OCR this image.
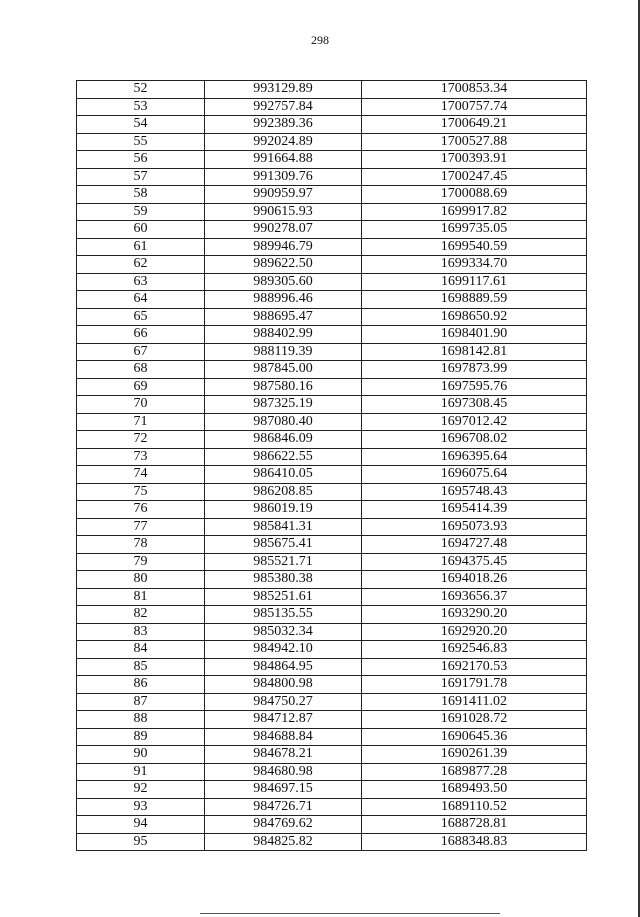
298
52	993129.89	1700853.34
53	992757.84	1700757.74
54	992389.36	1700649.21
55	992024.89	1700527.88
56	991664.88	1700393.91
57	991309.76	1700247.45
58	990959.97	1700088.69
59	990615.93	1699917.82
60	990278.07	1699735.05
61	989946.79	1699540.59
62	989622.50	1699334.70
63	989305.60	1699117.61
64	988996.46	1698889.59
65	988695.47	1698650.92
66	988402.99	1698401.90
67	988119.39	1698142.81
68	987845.00	1697873.99
69	987580.16	1697595.76
70	987325.19	1697308.45
71	987080.40	1697012.42
72	986846.09	1696708.02
73	986622.55	1696395.64
74	986410.05	1696075.64
75	986208.85	1695748.43
76	986019.19	1695414.39
77	985841.31	1695073.93
78	985675.41	1694727.48
79	985521.71	1694375.45
80	985380.38	1694018.26
81	985251.61	1693656.37
82	985135.55	1693290.20
83	985032.34	1692920.20
84	984942.10	1692546.83
85	984864.95	1692170.53
86	984800.98	1691791.78
87	984750.27	1691411.02
88	984712.87	1691028.72
89	984688.84	1690645.36
90	984678.21	1690261.39
91	984680.98	1689877.28
92	984697.15	1689493.50
93	984726.71	1689110.52
94	984769.62	1688728.81
95	984825.82	1688348.83
